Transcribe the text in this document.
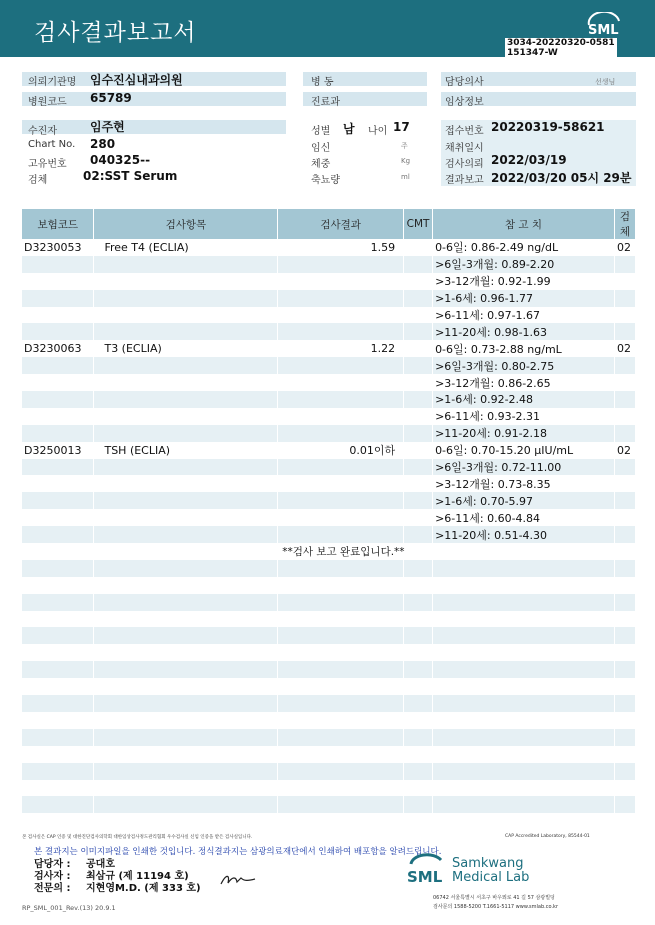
검사결과보고서	SML
3034-20220320-0581
151347-W
의뢰기관명 임수진심내과의원	병 동	담당의사	선생님
병원코드 65789	진료과	임상정보
수진자	임주현
Chart No. 280
고유번호 040325--
검체	02:SST Serum
성별 남 나이 17
임신	주
체중	Kg
축뇨량	ml
접수번호 20220319-58621
채취일시
검사의뢰 2022/03/19
결과보고 2022/03/20 05시 29분
보험코드	검사항목	검사결과	CMT	참 고 치	검체
D3230053	Free T4 (ECLIA)	1.59		0-6일: 0.86-2.49 ng/dL	02
				>6일-3개월: 0.89-2.20	
				>3-12개월: 0.92-1.99	
				>1-6세: 0.96-1.77	
				>6-11세: 0.97-1.67	
				>11-20세: 0.98-1.63	
D3230063	T3 (ECLIA)	1.22		0-6일: 0.73-2.88 ng/mL	02
				>6일-3개월: 0.80-2.75	
				>3-12개월: 0.86-2.65	
				>1-6세: 0.92-2.48	
				>6-11세: 0.93-2.31	
				>11-20세: 0.91-2.18	
D3250013	TSH (ECLIA)	0.01이하		0-6일: 0.70-15.20 µIU/mL	02
				>6일-3개월: 0.72-11.00	
				>3-12개월: 0.73-8.35	
				>1-6세: 0.70-5.97	
				>6-11세: 0.60-4.84	
				>11-20세: 0.51-4.30	
		**검사 보고 완료입니다.**			

본 검사실은 CAP 인증 및 대한진단검사의학회 대한임상검사정도관리협회 우수검사실 신임 인증을 받은 검사실입니다.	CAP Accredited Laboratory, 85544-01
본 결과지는 이미지파일을 인쇄한 것입니다. 정식결과지는 삼광의료재단에서 인쇄하여 배포함을 알려드립니다.
담당자 : 공대호
검사자 : 최삼규 (제 11194 호)
전문의 : 지현영M.D. (제 333 호)
SML
Samkwang
Medical Lab
06742 서울특별시 서초구 바우뫼로 41 길 57 삼광빌딩
검사문의 1588-5200 T.1661-5117 www.smlab.co.kr
RP_SML_001_Rev.(13) 20.9.1
